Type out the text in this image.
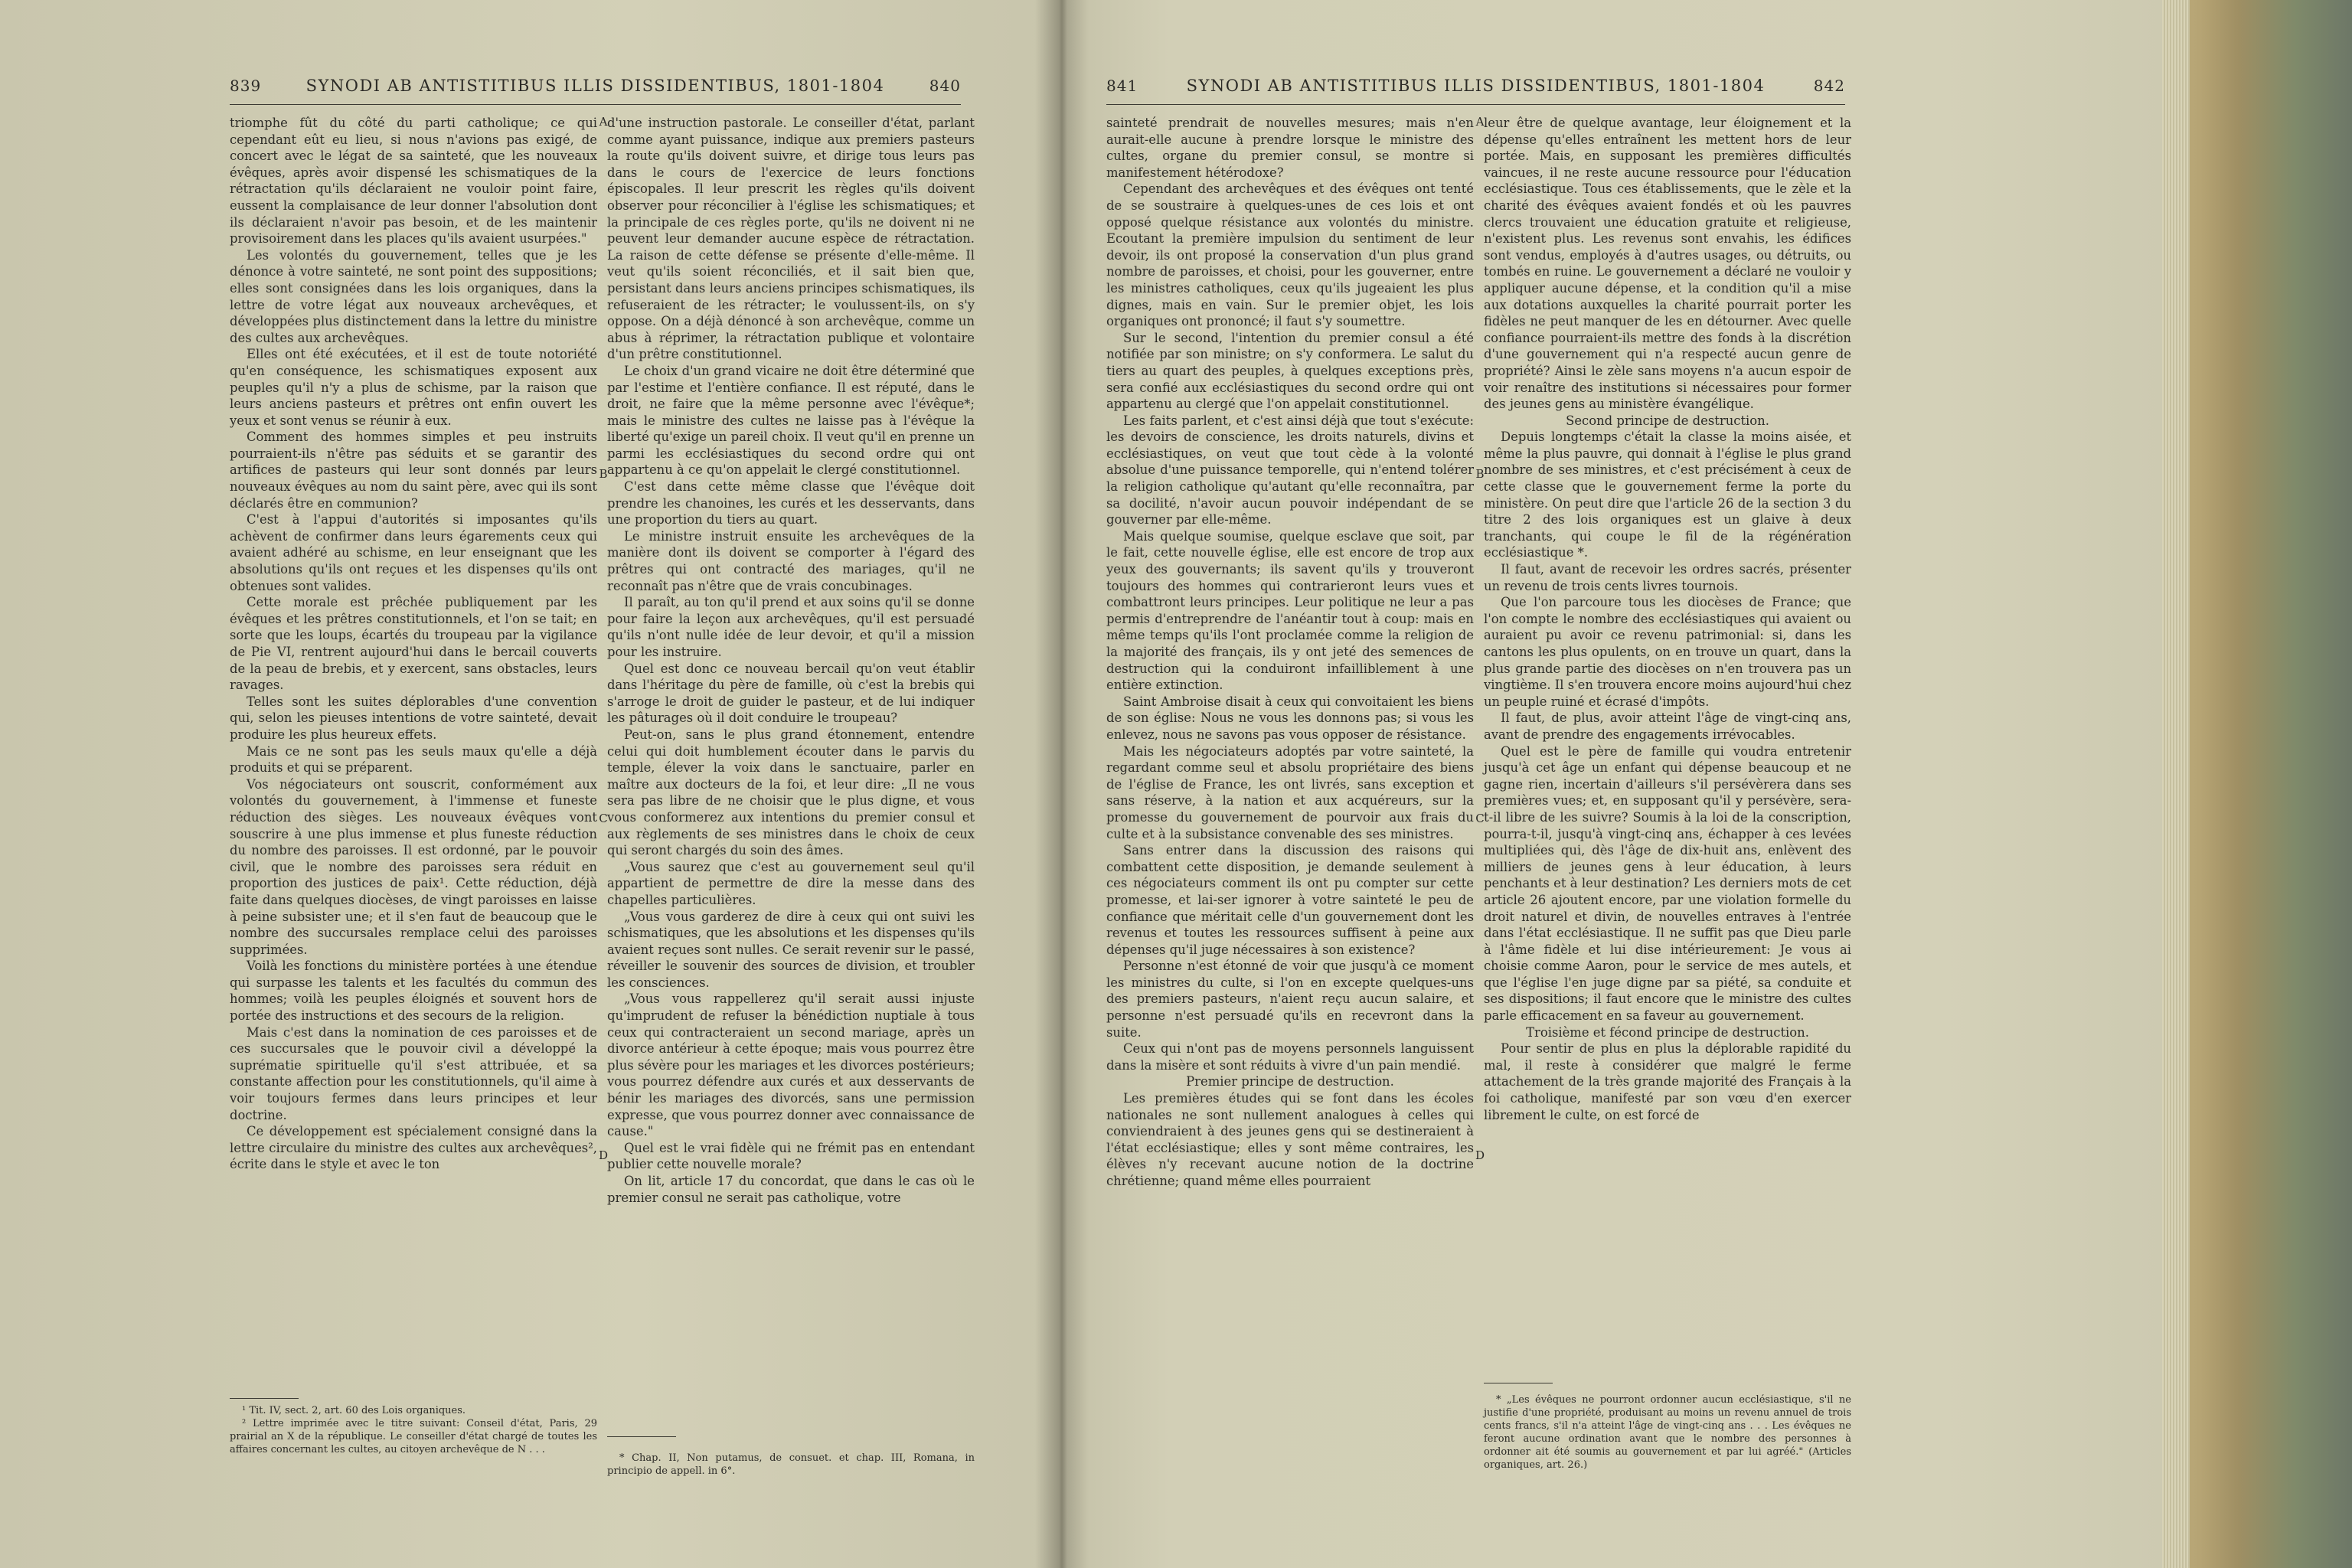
839	SYNODI AB ANTISTITIBUS ILLIS DISSIDENTIBUS, 1801-1804	840	841	SYNODI AB ANTISTITIBUS ILLIS DISSIDENTIBUS, 1801-1804	842

triomphe fût du côté du parti catholique; ce qui cependant eût eu lieu, si nous n'avions pas exigé, de concert avec le légat de sa sainteté, que les nouveaux évêques, après avoir dispensé les schismatiques de la rétractation qu'ils déclaraient ne vouloir point faire, eussent la complaisance de leur donner l'absolution dont ils déclaraient n'avoir pas besoin, et de les maintenir provisoirement dans les places qu'ils avaient usurpées."

Les volontés du gouvernement, telles que je les dénonce à votre sainteté, ne sont point des suppositions; elles sont consignées dans les lois organiques, dans la lettre de votre légat aux nouveaux archevêques, et développées plus distinctement dans la lettre du ministre des cultes aux archevêques.

Elles ont été exécutées, et il est de toute notoriété qu'en conséquence, les schismatiques exposent aux peuples qu'il n'y a plus de schisme, par la raison que leurs anciens pasteurs et prêtres ont enfin ouvert les yeux et sont venus se réunir à eux.

Comment des hommes simples et peu instruits pourraient-ils n'être pas séduits et se garantir des artifices de pasteurs qui leur sont donnés par leurs nouveaux évêques au nom du saint père, avec qui ils sont déclarés être en communion?

C'est à l'appui d'autorités si imposantes qu'ils achèvent de confirmer dans leurs égarements ceux qui avaient adhéré au schisme, en leur enseignant que les absolutions qu'ils ont reçues et les dispenses qu'ils ont obtenues sont valides.

Cette morale est prêchée publiquement par les évêques et les prêtres constitutionnels, et l'on se tait; en sorte que les loups, écartés du troupeau par la vigilance de Pie VI, rentrent aujourd'hui dans le bercail couverts de la peau de brebis, et y exercent, sans obstacles, leurs ravages.

Telles sont les suites déplorables d'une convention qui, selon les pieuses intentions de votre sainteté, devait produire les plus heureux effets.

Mais ce ne sont pas les seuls maux qu'elle a déjà produits et qui se préparent.

Vos négociateurs ont souscrit, conformément aux volontés du gouvernement, à l'immense et funeste réduction des sièges. Les nouveaux évêques vont souscrire à une plus immense et plus funeste réduction du nombre des paroisses. Il est ordonné, par le pouvoir civil, que le nombre des paroisses sera réduit en proportion des justices de paix¹. Cette réduction, déjà faite dans quelques diocèses, de vingt paroisses en laisse à peine subsister une; et il s'en faut de beaucoup que le nombre des succursales remplace celui des paroisses supprimées.

Voilà les fonctions du ministère portées à une étendue qui surpasse les talents et les facultés du commun des hommes; voilà les peuples éloignés et souvent hors de portée des instructions et des secours de la religion.

Mais c'est dans la nomination de ces paroisses et de ces succursales que le pouvoir civil a développé la suprématie spirituelle qu'il s'est attribuée, et sa constante affection pour les constitutionnels, qu'il aime à voir toujours fermes dans leurs principes et leur doctrine.

Ce développement est spécialement consigné dans la lettre circulaire du ministre des cultes aux archevêques², écrite dans le style et avec le ton

¹ Tit. IV, sect. 2, art. 60 des Lois organiques.

² Lettre imprimée avec le titre suivant: Conseil d'état, Paris, 29 prairial an X de la république. Le conseiller d'état chargé de toutes les affaires concernant les cultes, au citoyen archevêque de N . . .

A
B
C
D

d'une instruction pastorale. Le conseiller d'état, parlant comme ayant puissance, indique aux premiers pasteurs la route qu'ils doivent suivre, et dirige tous leurs pas dans le cours de l'exercice de leurs fonctions épiscopales. Il leur prescrit les règles qu'ils doivent observer pour réconcilier à l'église les schismatiques; et la principale de ces règles porte, qu'ils ne doivent ni ne peuvent leur demander aucune espèce de rétractation. La raison de cette défense se présente d'elle-même. Il veut qu'ils soient réconciliés, et il sait bien que, persistant dans leurs anciens principes schismatiques, ils refuseraient de les rétracter; le voulussent-ils, on s'y oppose. On a déjà dénoncé à son archevêque, comme un abus à réprimer, la rétractation publique et volontaire d'un prêtre constitutionnel.

Le choix d'un grand vicaire ne doit être déterminé que par l'estime et l'entière confiance. Il est réputé, dans le droit, ne faire que la même personne avec l'évêque*; mais le ministre des cultes ne laisse pas à l'évêque la liberté qu'exige un pareil choix. Il veut qu'il en prenne un parmi les ecclésiastiques du second ordre qui ont appartenu à ce qu'on appelait le clergé constitutionnel.

C'est dans cette même classe que l'évêque doit prendre les chanoines, les curés et les desservants, dans une proportion du tiers au quart.

Le ministre instruit ensuite les archevêques de la manière dont ils doivent se comporter à l'égard des prêtres qui ont contracté des mariages, qu'il ne reconnaît pas n'être que de vrais concubinages.

Il paraît, au ton qu'il prend et aux soins qu'il se donne pour faire la leçon aux archevêques, qu'il est persuadé qu'ils n'ont nulle idée de leur devoir, et qu'il a mission pour les instruire.

Quel est donc ce nouveau bercail qu'on veut établir dans l'héritage du père de famille, où c'est la brebis qui s'arroge le droit de guider le pasteur, et de lui indiquer les pâturages où il doit conduire le troupeau?

Peut-on, sans le plus grand étonnement, entendre celui qui doit humblement écouter dans le parvis du temple, élever la voix dans le sanctuaire, parler en maître aux docteurs de la foi, et leur dire: „Il ne vous sera pas libre de ne choisir que le plus digne, et vous vous conformerez aux intentions du premier consul et aux règlements de ses ministres dans le choix de ceux qui seront chargés du soin des âmes.

„Vous saurez que c'est au gouvernement seul qu'il appartient de permettre de dire la messe dans des chapelles particulières.

„Vous vous garderez de dire à ceux qui ont suivi les schismatiques, que les absolutions et les dispenses qu'ils avaient reçues sont nulles. Ce serait revenir sur le passé, réveiller le souvenir des sources de division, et troubler les consciences.

„Vous vous rappellerez qu'il serait aussi injuste qu'imprudent de refuser la bénédiction nuptiale à tous ceux qui contracteraient un second mariage, après un divorce antérieur à cette époque; mais vous pourrez être plus sévère pour les mariages et les divorces postérieurs; vous pourrez défendre aux curés et aux desservants de bénir les mariages des divorcés, sans une permission expresse, que vous pourrez donner avec connaissance de cause."

Quel est le vrai fidèle qui ne frémit pas en entendant publier cette nouvelle morale?

On lit, article 17 du concordat, que dans le cas où le premier consul ne serait pas catholique, votre

* Chap. II, Non putamus, de consuet. et chap. III, Romana, in principio de appell. in 6°.

sainteté prendrait de nouvelles mesures; mais n'en aurait-elle aucune à prendre lorsque le ministre des cultes, organe du premier consul, se montre si manifestement hétérodoxe?

Cependant des archevêques et des évêques ont tenté de se soustraire à quelques-unes de ces lois et ont opposé quelque résistance aux volontés du ministre. Ecoutant la première impulsion du sentiment de leur devoir, ils ont proposé la conservation d'un plus grand nombre de paroisses, et choisi, pour les gouverner, entre les ministres catholiques, ceux qu'ils jugeaient les plus dignes, mais en vain. Sur le premier objet, les lois organiques ont prononcé; il faut s'y soumettre.

Sur le second, l'intention du premier consul a été notifiée par son ministre; on s'y conformera. Le salut du tiers au quart des peuples, à quelques exceptions près, sera confié aux ecclésiastiques du second ordre qui ont appartenu au clergé que l'on appelait constitutionnel.

Les faits parlent, et c'est ainsi déjà que tout s'exécute: les devoirs de conscience, les droits naturels, divins et ecclésiastiques, on veut que tout cède à la volonté absolue d'une puissance temporelle, qui n'entend tolérer la religion catholique qu'autant qu'elle reconnaîtra, par sa docilité, n'avoir aucun pouvoir indépendant de se gouverner par elle-même.

Mais quelque soumise, quelque esclave que soit, par le fait, cette nouvelle église, elle est encore de trop aux yeux des gouvernants; ils savent qu'ils y trouveront toujours des hommes qui contrarieront leurs vues et combattront leurs principes. Leur politique ne leur a pas permis d'entreprendre de l'anéantir tout à coup: mais en même temps qu'ils l'ont proclamée comme la religion de la majorité des français, ils y ont jeté des semences de destruction qui la conduiront infailliblement à une entière extinction.

Saint Ambroise disait à ceux qui convoitaient les biens de son église: Nous ne vous les donnons pas; si vous les enlevez, nous ne savons pas vous opposer de résistance.

Mais les négociateurs adoptés par votre sainteté, la regardant comme seul et absolu propriétaire des biens de l'église de France, les ont livrés, sans exception et sans réserve, à la nation et aux acquéreurs, sur la promesse du gouvernement de pourvoir aux frais du culte et à la subsistance convenable des ses ministres.

Sans entrer dans la discussion des raisons qui combattent cette disposition, je demande seulement à ces négociateurs comment ils ont pu compter sur cette promesse, et lai-ser ignorer à votre sainteté le peu de confiance que méritait celle d'un gouvernement dont les revenus et toutes les ressources suffisent à peine aux dépenses qu'il juge nécessaires à son existence?

Personne n'est étonné de voir que jusqu'à ce moment les ministres du culte, si l'on en excepte quelques-uns des premiers pasteurs, n'aient reçu aucun salaire, et personne n'est persuadé qu'ils en recevront dans la suite.

Ceux qui n'ont pas de moyens personnels languissent dans la misère et sont réduits à vivre d'un pain mendié.

Premier principe de destruction.

Les premières études qui se font dans les écoles nationales ne sont nullement analogues à celles qui conviendraient à des jeunes gens qui se destineraient à l'état ecclésiastique; elles y sont même contraires, les élèves n'y recevant aucune notion de la doctrine chrétienne; quand même elles pourraient

A
B
C
D

leur être de quelque avantage, leur éloignement et la dépense qu'elles entraînent les mettent hors de leur portée. Mais, en supposant les premières difficultés vaincues, il ne reste aucune ressource pour l'éducation ecclésiastique. Tous ces établissements, que le zèle et la charité des évêques avaient fondés et où les pauvres clercs trouvaient une éducation gratuite et religieuse, n'existent plus. Les revenus sont envahis, les édifices sont vendus, employés à d'autres usages, ou détruits, ou tombés en ruine. Le gouvernement a déclaré ne vouloir y appliquer aucune dépense, et la condition qu'il a mise aux dotations auxquelles la charité pourrait porter les fidèles ne peut manquer de les en détourner. Avec quelle confiance pourraient-ils mettre des fonds à la discrétion d'une gouvernement qui n'a respecté aucun genre de propriété? Ainsi le zèle sans moyens n'a aucun espoir de voir renaître des institutions si nécessaires pour former des jeunes gens au ministère évangélique.

Second principe de destruction.

Depuis longtemps c'était la classe la moins aisée, et même la plus pauvre, qui donnait à l'église le plus grand nombre de ses ministres, et c'est précisément à ceux de cette classe que le gouvernement ferme la porte du ministère. On peut dire que l'article 26 de la section 3 du titre 2 des lois organiques est un glaive à deux tranchants, qui coupe le fil de la régénération ecclésiastique *.

Il faut, avant de recevoir les ordres sacrés, présenter un revenu de trois cents livres tournois.

Que l'on parcoure tous les diocèses de France; que l'on compte le nombre des ecclésiastiques qui avaient ou auraient pu avoir ce revenu patrimonial: si, dans les cantons les plus opulents, on en trouve un quart, dans la plus grande partie des diocèses on n'en trouvera pas un vingtième. Il s'en trouvera encore moins aujourd'hui chez un peuple ruiné et écrasé d'impôts.

Il faut, de plus, avoir atteint l'âge de vingt-cinq ans, avant de prendre des engagements irrévocables.

Quel est le père de famille qui voudra entretenir jusqu'à cet âge un enfant qui dépense beaucoup et ne gagne rien, incertain d'ailleurs s'il persévèrera dans ses premières vues; et, en supposant qu'il y persévère, sera-t-il libre de les suivre? Soumis à la loi de la conscription, pourra-t-il, jusqu'à vingt-cinq ans, échapper à ces levées multipliées qui, dès l'âge de dix-huit ans, enlèvent des milliers de jeunes gens à leur éducation, à leurs penchants et à leur destination? Les derniers mots de cet article 26 ajoutent encore, par une violation formelle du droit naturel et divin, de nouvelles entraves à l'entrée dans l'état ecclésiastique. Il ne suffit pas que Dieu parle à l'âme fidèle et lui dise intérieurement: Je vous ai choisie comme Aaron, pour le service de mes autels, et que l'église l'en juge digne par sa piété, sa conduite et ses dispositions; il faut encore que le ministre des cultes parle efficacement en sa faveur au gouvernement.

Troisième et fécond principe de destruction.

Pour sentir de plus en plus la déplorable rapidité du mal, il reste à considérer que malgré le ferme attachement de la très grande majorité des Français à la foi catholique, manifesté par son vœu d'en exercer librement le culte, on est forcé de

* „Les évêques ne pourront ordonner aucun ecclésiastique, s'il ne justifie d'une propriété, produisant au moins un revenu annuel de trois cents francs, s'il n'a atteint l'âge de vingt-cinq ans . . . Les évêques ne feront aucune ordination avant que le nombre des personnes à ordonner ait été soumis au gouvernement et par lui agréé." (Articles organiques, art. 26.)
